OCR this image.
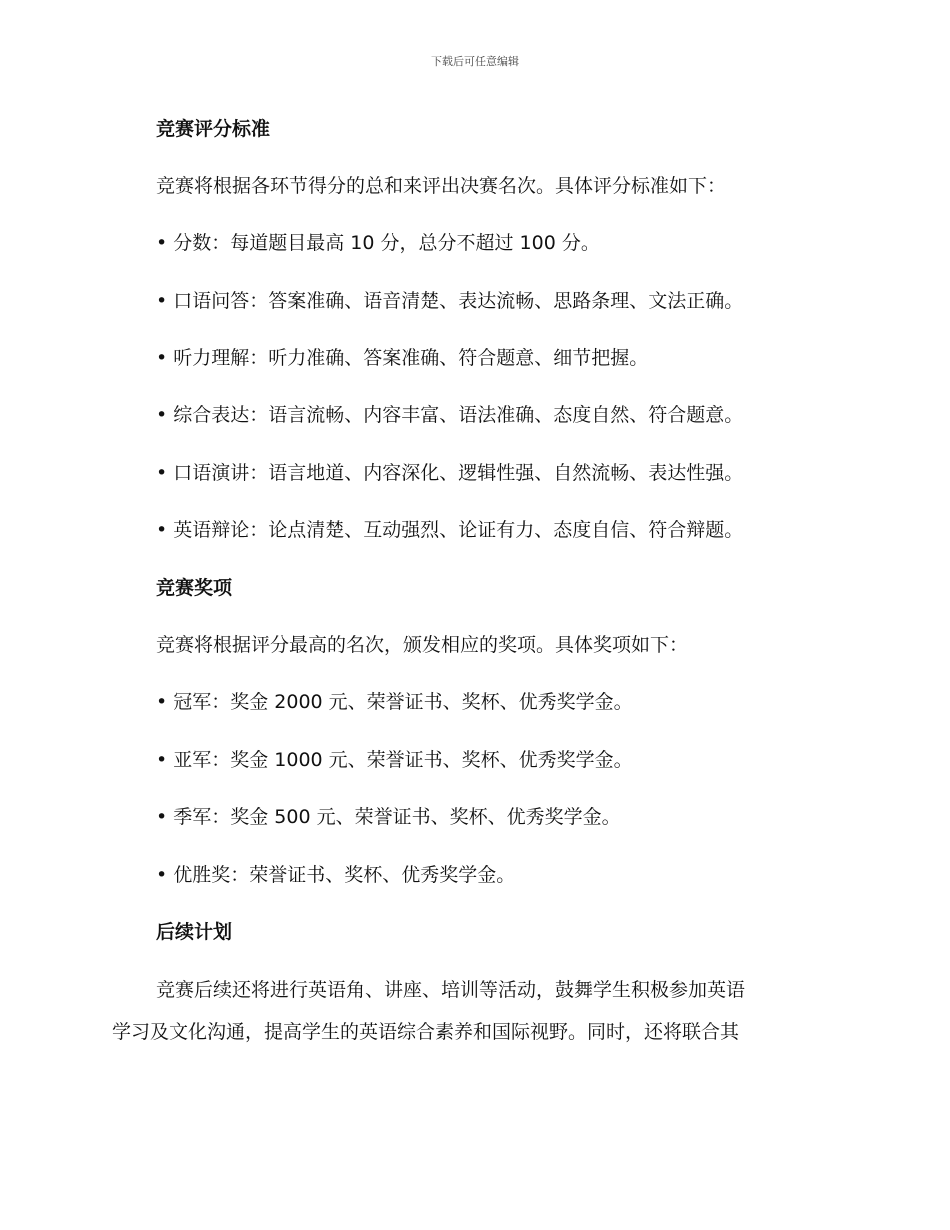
下载后可任意编辑
竞赛评分标准
竞赛将根据各环节得分的总和来评出决赛名次。具体评分标准如下：
• 分数：每道题目最高 10 分，总分不超过 100 分。
• 口语问答：答案准确、语音清楚、表达流畅、思路条理、文法正确。
• 听力理解：听力准确、答案准确、符合题意、细节把握。
• 综合表达：语言流畅、内容丰富、语法准确、态度自然、符合题意。
• 口语演讲：语言地道、内容深化、逻辑性强、自然流畅、表达性强。
• 英语辩论：论点清楚、互动强烈、论证有力、态度自信、符合辩题。
竞赛奖项
竞赛将根据评分最高的名次，颁发相应的奖项。具体奖项如下：
• 冠军：奖金 2000 元、荣誉证书、奖杯、优秀奖学金。
• 亚军：奖金 1000 元、荣誉证书、奖杯、优秀奖学金。
• 季军：奖金 500 元、荣誉证书、奖杯、优秀奖学金。
• 优胜奖：荣誉证书、奖杯、优秀奖学金。
后续计划
竞赛后续还将进行英语角、讲座、培训等活动，鼓舞学生积极参加英语
学习及文化沟通，提高学生的英语综合素养和国际视野。同时，还将联合其
